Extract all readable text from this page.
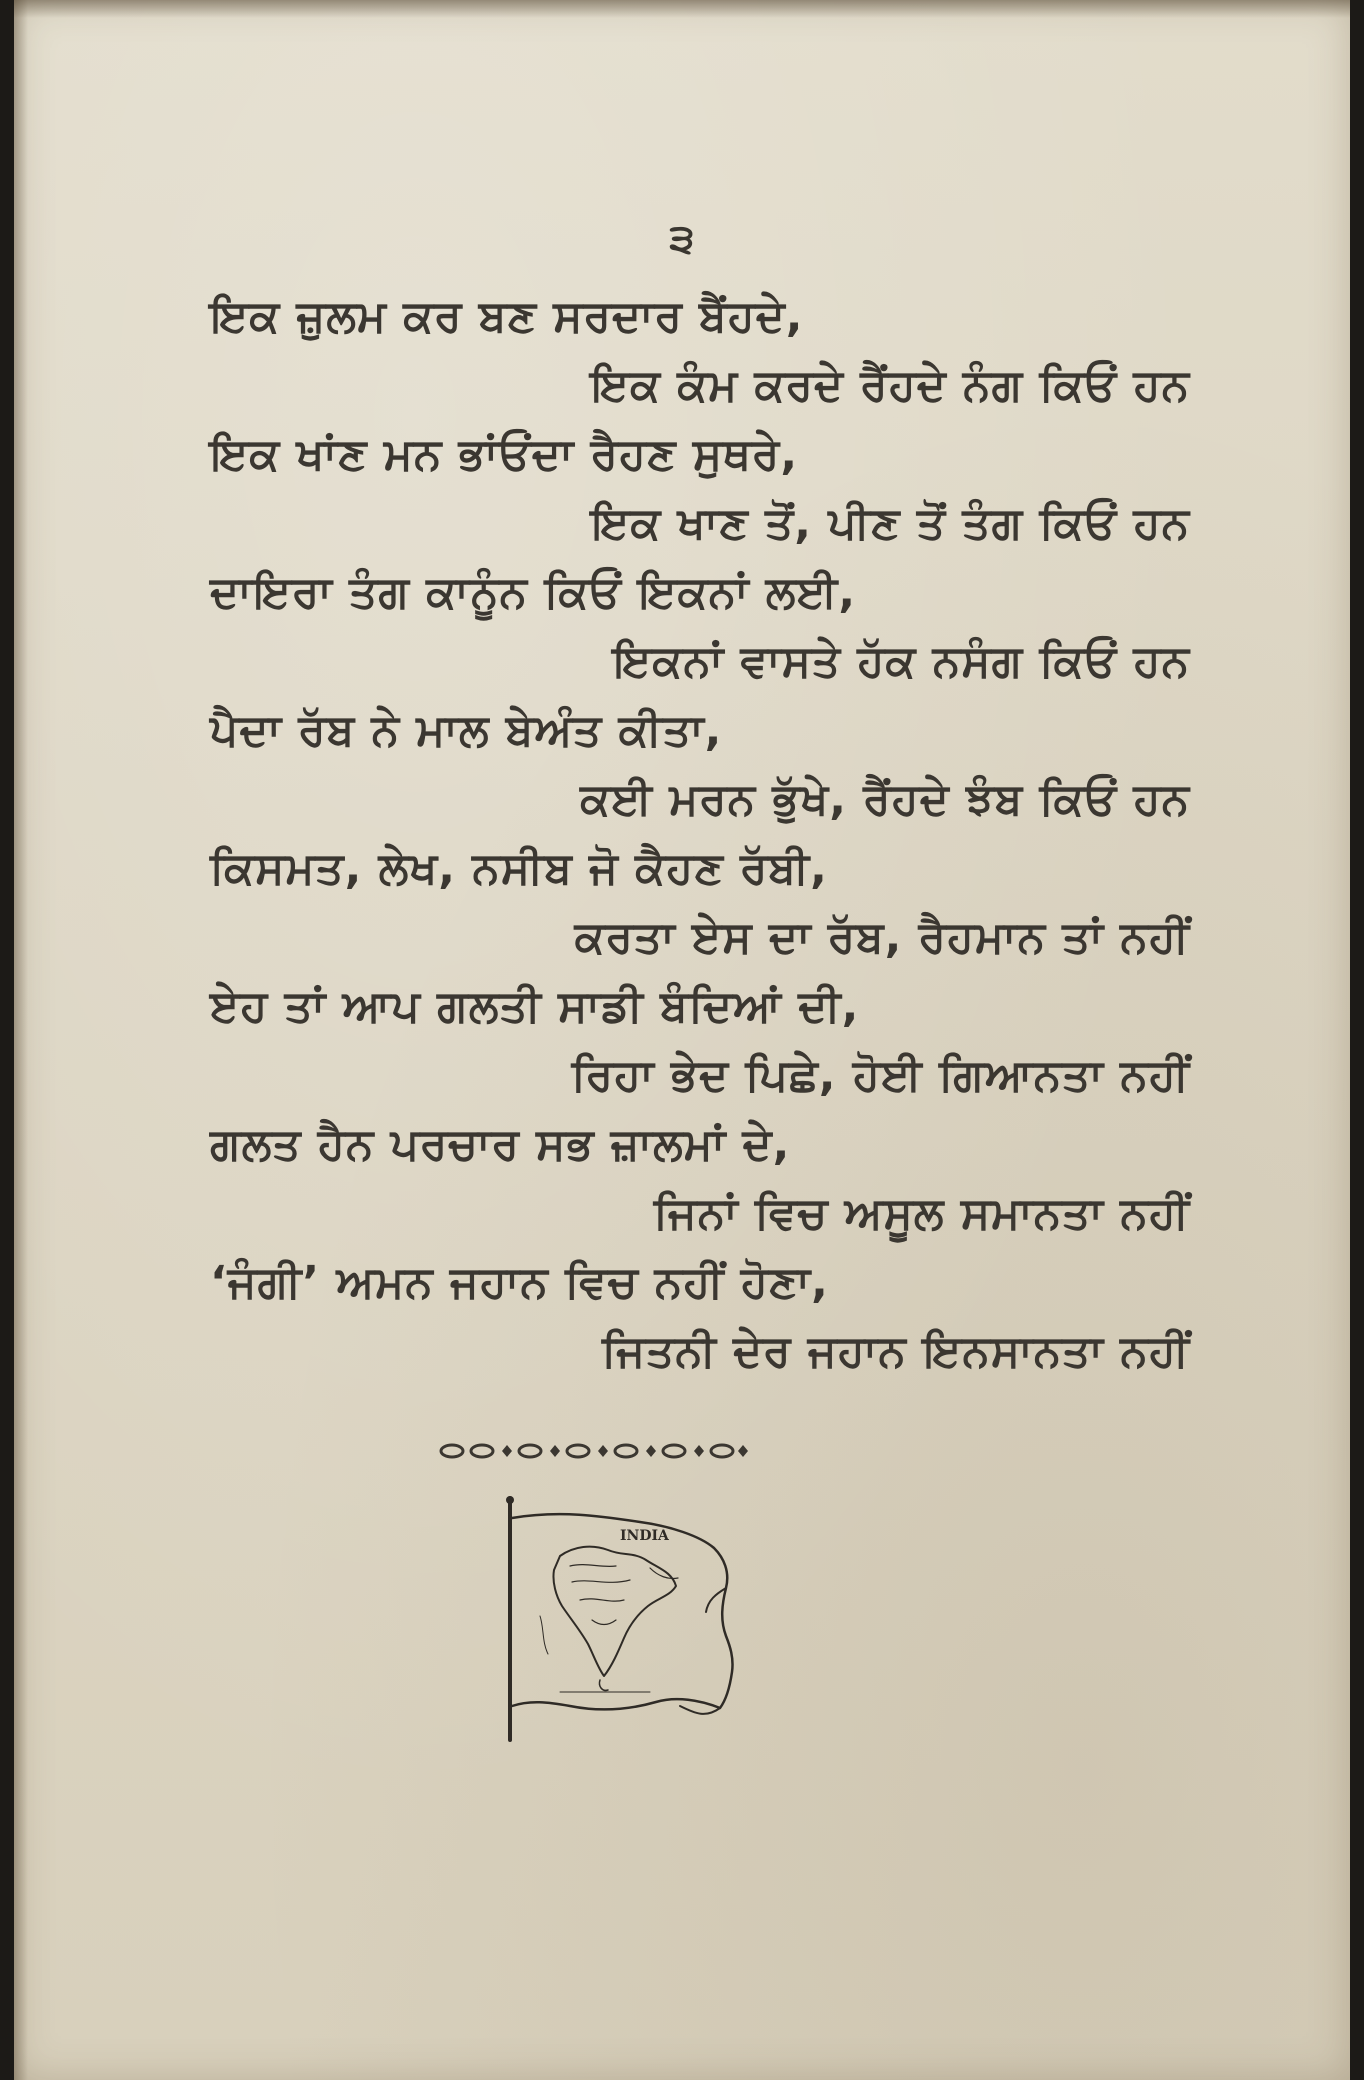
੩
ਇਕ ਜ਼ੁਲਮ ਕਰ ਬਣ ਸਰਦਾਰ ਬੈਂਹਦੇ,
ਇਕ ਕੰਮ ਕਰਦੇ ਰੈਂਹਦੇ ਨੰਗ ਕਿਓਂ ਹਨ
ਇਕ ਖਾਂਣ ਮਨ ਭਾਂਓਂਦਾ ਰੈਹਣ ਸੁਥਰੇ,
ਇਕ ਖਾਣ ਤੋਂ, ਪੀਣ ਤੋਂ ਤੰਗ ਕਿਓਂ ਹਨ
ਦਾਇਰਾ ਤੰਗ ਕਾਨੂੰਨ ਕਿਓਂ ਇਕਨਾਂ ਲਈ,
ਇਕਨਾਂ ਵਾਸਤੇ ਹੱਕ ਨਸੰਗ ਕਿਓਂ ਹਨ
ਪੈਦਾ ਰੱਬ ਨੇ ਮਾਲ ਬੇਅੰਤ ਕੀਤਾ,
ਕਈ ਮਰਨ ਭੁੱਖੇ, ਰੈਂਹਦੇ ਝੰਬ ਕਿਓਂ ਹਨ
ਕਿਸਮਤ, ਲੇਖ, ਨਸੀਬ ਜੋ ਕੈਹਣ ਰੱਬੀ,
ਕਰਤਾ ਏਸ ਦਾ ਰੱਬ, ਰੈਹਮਾਨ ਤਾਂ ਨਹੀਂ
ਏਹ ਤਾਂ ਆਪ ਗਲਤੀ ਸਾਡੀ ਬੰਦਿਆਂ ਦੀ,
ਰਿਹਾ ਭੇਦ ਪਿਛੇ, ਹੋਈ ਗਿਆਨਤਾ ਨਹੀਂ
ਗਲਤ ਹੈਨ ਪਰਚਾਰ ਸਭ ਜ਼ਾਲਮਾਂ ਦੇ,
ਜਿਨਾਂ ਵਿਚ ਅਸੂਲ ਸਮਾਨਤਾ ਨਹੀਂ
‘ਜੰਗੀ’ ਅਮਨ ਜਹਾਨ ਵਿਚ ਨਹੀਂ ਹੋਣਾ,
ਜਿਤਨੀ ਦੇਰ ਜਹਾਨ ਇਨਸਾਨਤਾ ਨਹੀਂ
INDIA
